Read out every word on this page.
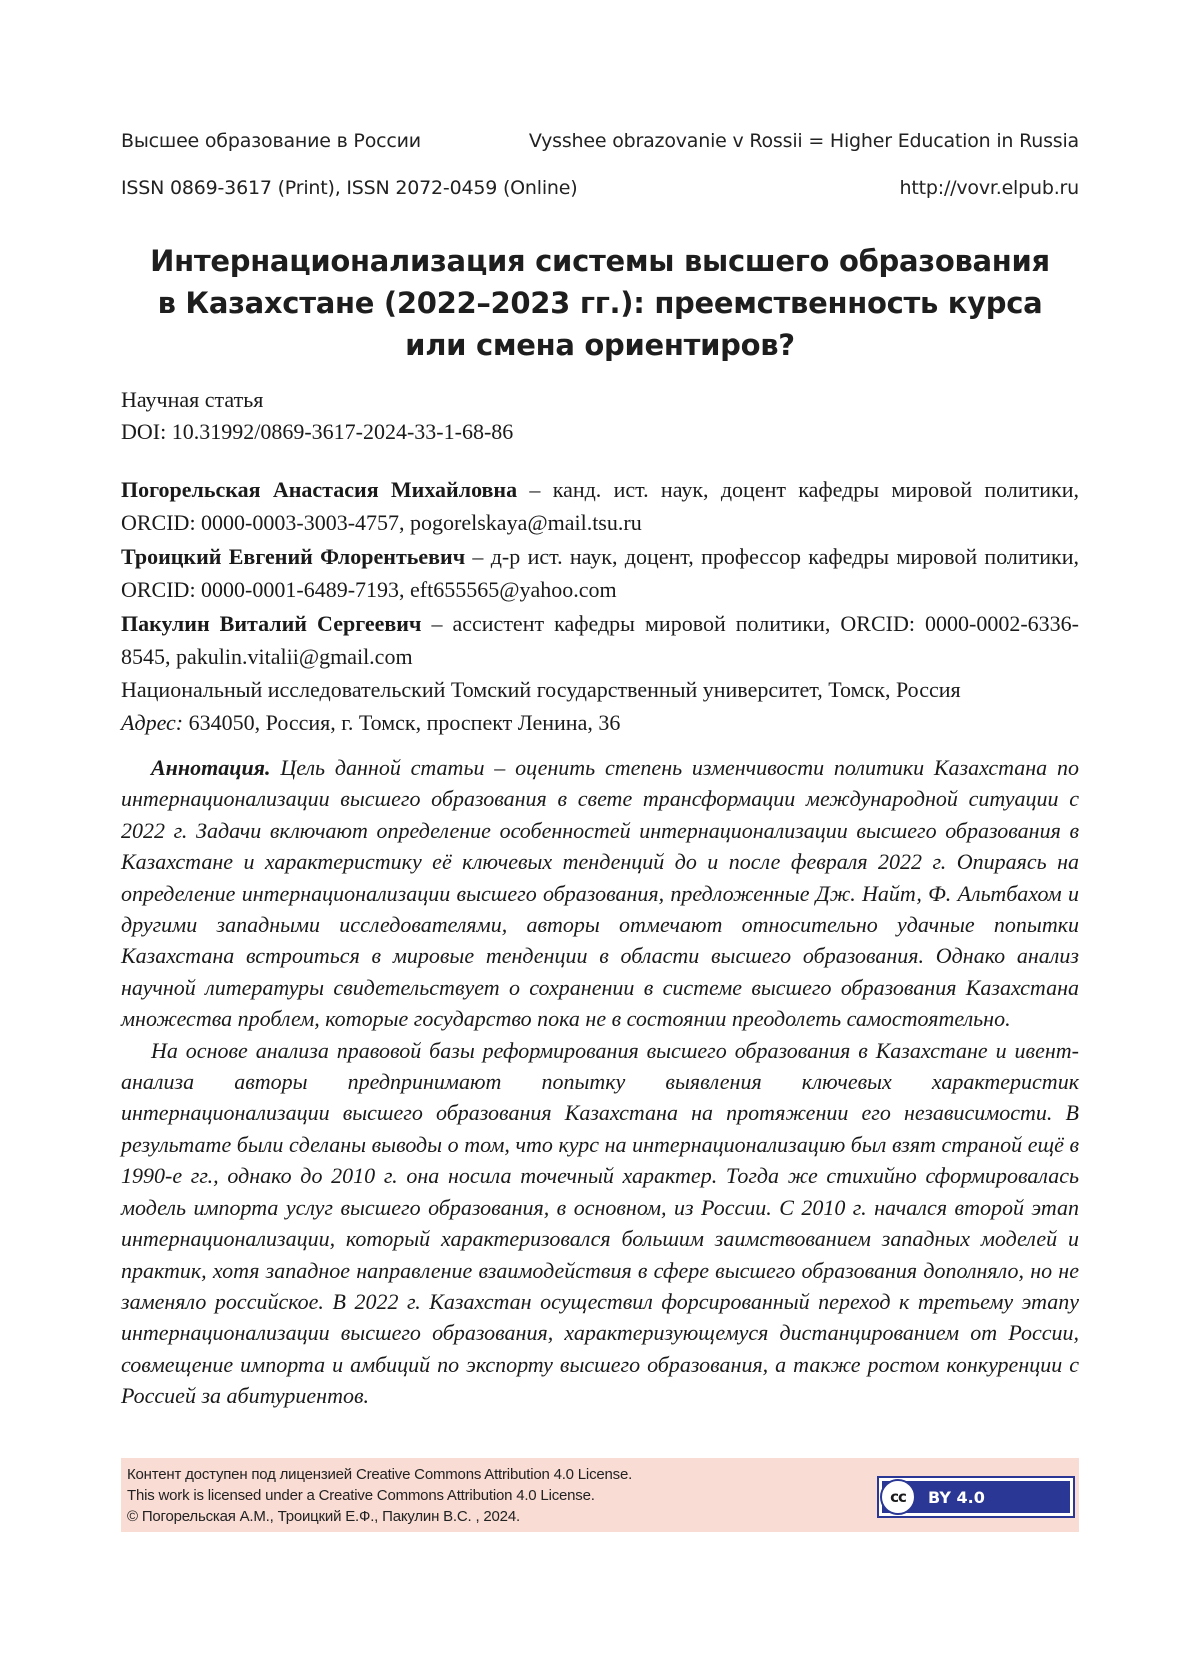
Высшее образование в России	Vysshee obrazovanie v Rossii = Higher Education in Russia
ISSN 0869-3617 (Print), ISSN 2072-0459 (Online)	http://vovr.elpub.ru
Интернационализация системы высшего образования
в Казахстане (2022–2023 гг.): преемственность курса
или смена ориентиров?
Научная статья
DOI: 10.31992/0869-3617-2024-33-1-68-86
Погорельская Анастасия Михайловна – канд. ист. наук, доцент кафедры мировой политики, ORCID: 0000-0003-3003-4757, pogorelskaya@mail.tsu.ru
Троицкий Евгений Флорентьевич – д-р ист. наук, доцент, профессор кафедры мировой политики, ORCID: 0000-0001-6489-7193, eft655565@yahoo.com
Пакулин Виталий Сергеевич – ассистент кафедры мировой политики, ORCID: 0000-0002-6336-8545, pakulin.vitalii@gmail.com
Национальный исследовательский Томский государственный университет, Томск, Россия
Адрес: 634050, Россия, г. Томск, проспект Ленина, 36

Аннотация. Цель данной статьи – оценить степень изменчивости политики Казахстана по интернационализации высшего образования в свете трансформации международной ситуации с 2022 г. Задачи включают определение особенностей интернационализации высшего образования в Казахстане и характеристику её ключевых тенденций до и после февраля 2022 г. Опираясь на определение интернационализации высшего образования, предложенные Дж. Найт, Ф. Альтбахом и другими западными исследователями, авторы отмечают относительно удачные попытки Казахстана встроиться в мировые тенденции в области высшего образования. Однако анализ научной литературы свидетельствует о сохранении в системе высшего образования Казахстана множества проблем, которые государство пока не в состоянии преодолеть самостоятельно.

На основе анализа правовой базы реформирования высшего образования в Казахстане и ивент-анализа авторы предпринимают попытку выявления ключевых характеристик интернационализации высшего образования Казахстана на протяжении его независимости. В результате были сделаны выводы о том, что курс на интернационализацию был взят страной ещё в 1990-е гг., однако до 2010 г. она носила точечный характер. Тогда же стихийно сформировалась модель импорта услуг высшего образования, в основном, из России. С 2010 г. начался второй этап интернационализации, который характеризовался большим заимствованием западных моделей и практик, хотя западное направление взаимодействия в сфере высшего образования дополняло, но не заменяло российское. В 2022 г. Казахстан осуществил форсированный переход к третьему этапу интернационализации высшего образования, характеризующемуся дистанцированием от России, совмещение импорта и амбиций по экспорту высшего образования, а также ростом конкуренции с Россией за абитуриентов.

Контент доступен под лицензией Creative Commons Attribution 4.0 License.
This work is licensed under a Creative Commons Attribution 4.0 License.
© Погорельская А.М., Троицкий Е.Ф., Пакулин В.С. , 2024.
cc	BY 4.0
